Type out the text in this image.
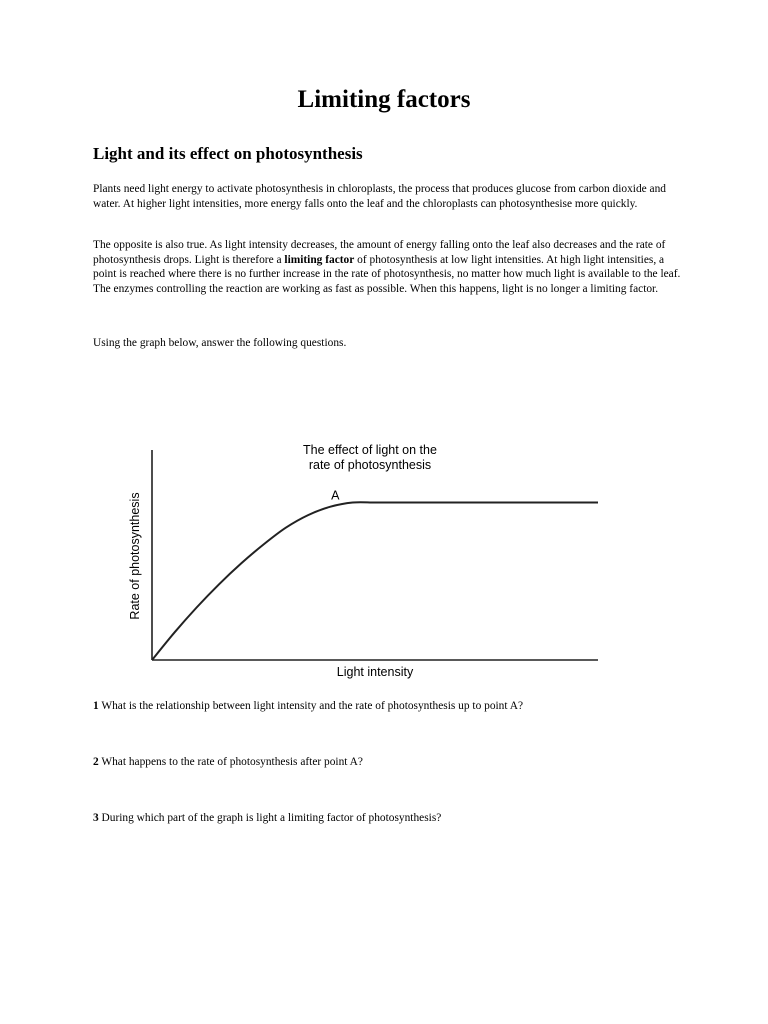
Limiting factors
Light and its effect on photosynthesis

Plants need light energy to activate photosynthesis in chloroplasts, the process that produces glucose from carbon dioxide and water. At higher light intensities, more energy falls onto the leaf and the chloroplasts can photosynthesise more quickly.

The opposite is also true. As light intensity decreases, the amount of energy falling onto the leaf also decreases and the rate of photosynthesis drops. Light is therefore a limiting factor of photosynthesis at low light intensities. At high light intensities, a point is reached where there is no further increase in the rate of photosynthesis, no matter how much light is available to the leaf. The enzymes controlling the reaction are working as fast as possible. When this happens, light is no longer a limiting factor.

Using the graph below, answer the following questions.
The effect of light on the
rate of photosynthesis
Light intensity
Rate of photosynthesis	A
1 What is the relationship between light intensity and the rate of photosynthesis up to point A?
2 What happens to the rate of photosynthesis after point A?
3 During which part of the graph is light a limiting factor of photosynthesis?
